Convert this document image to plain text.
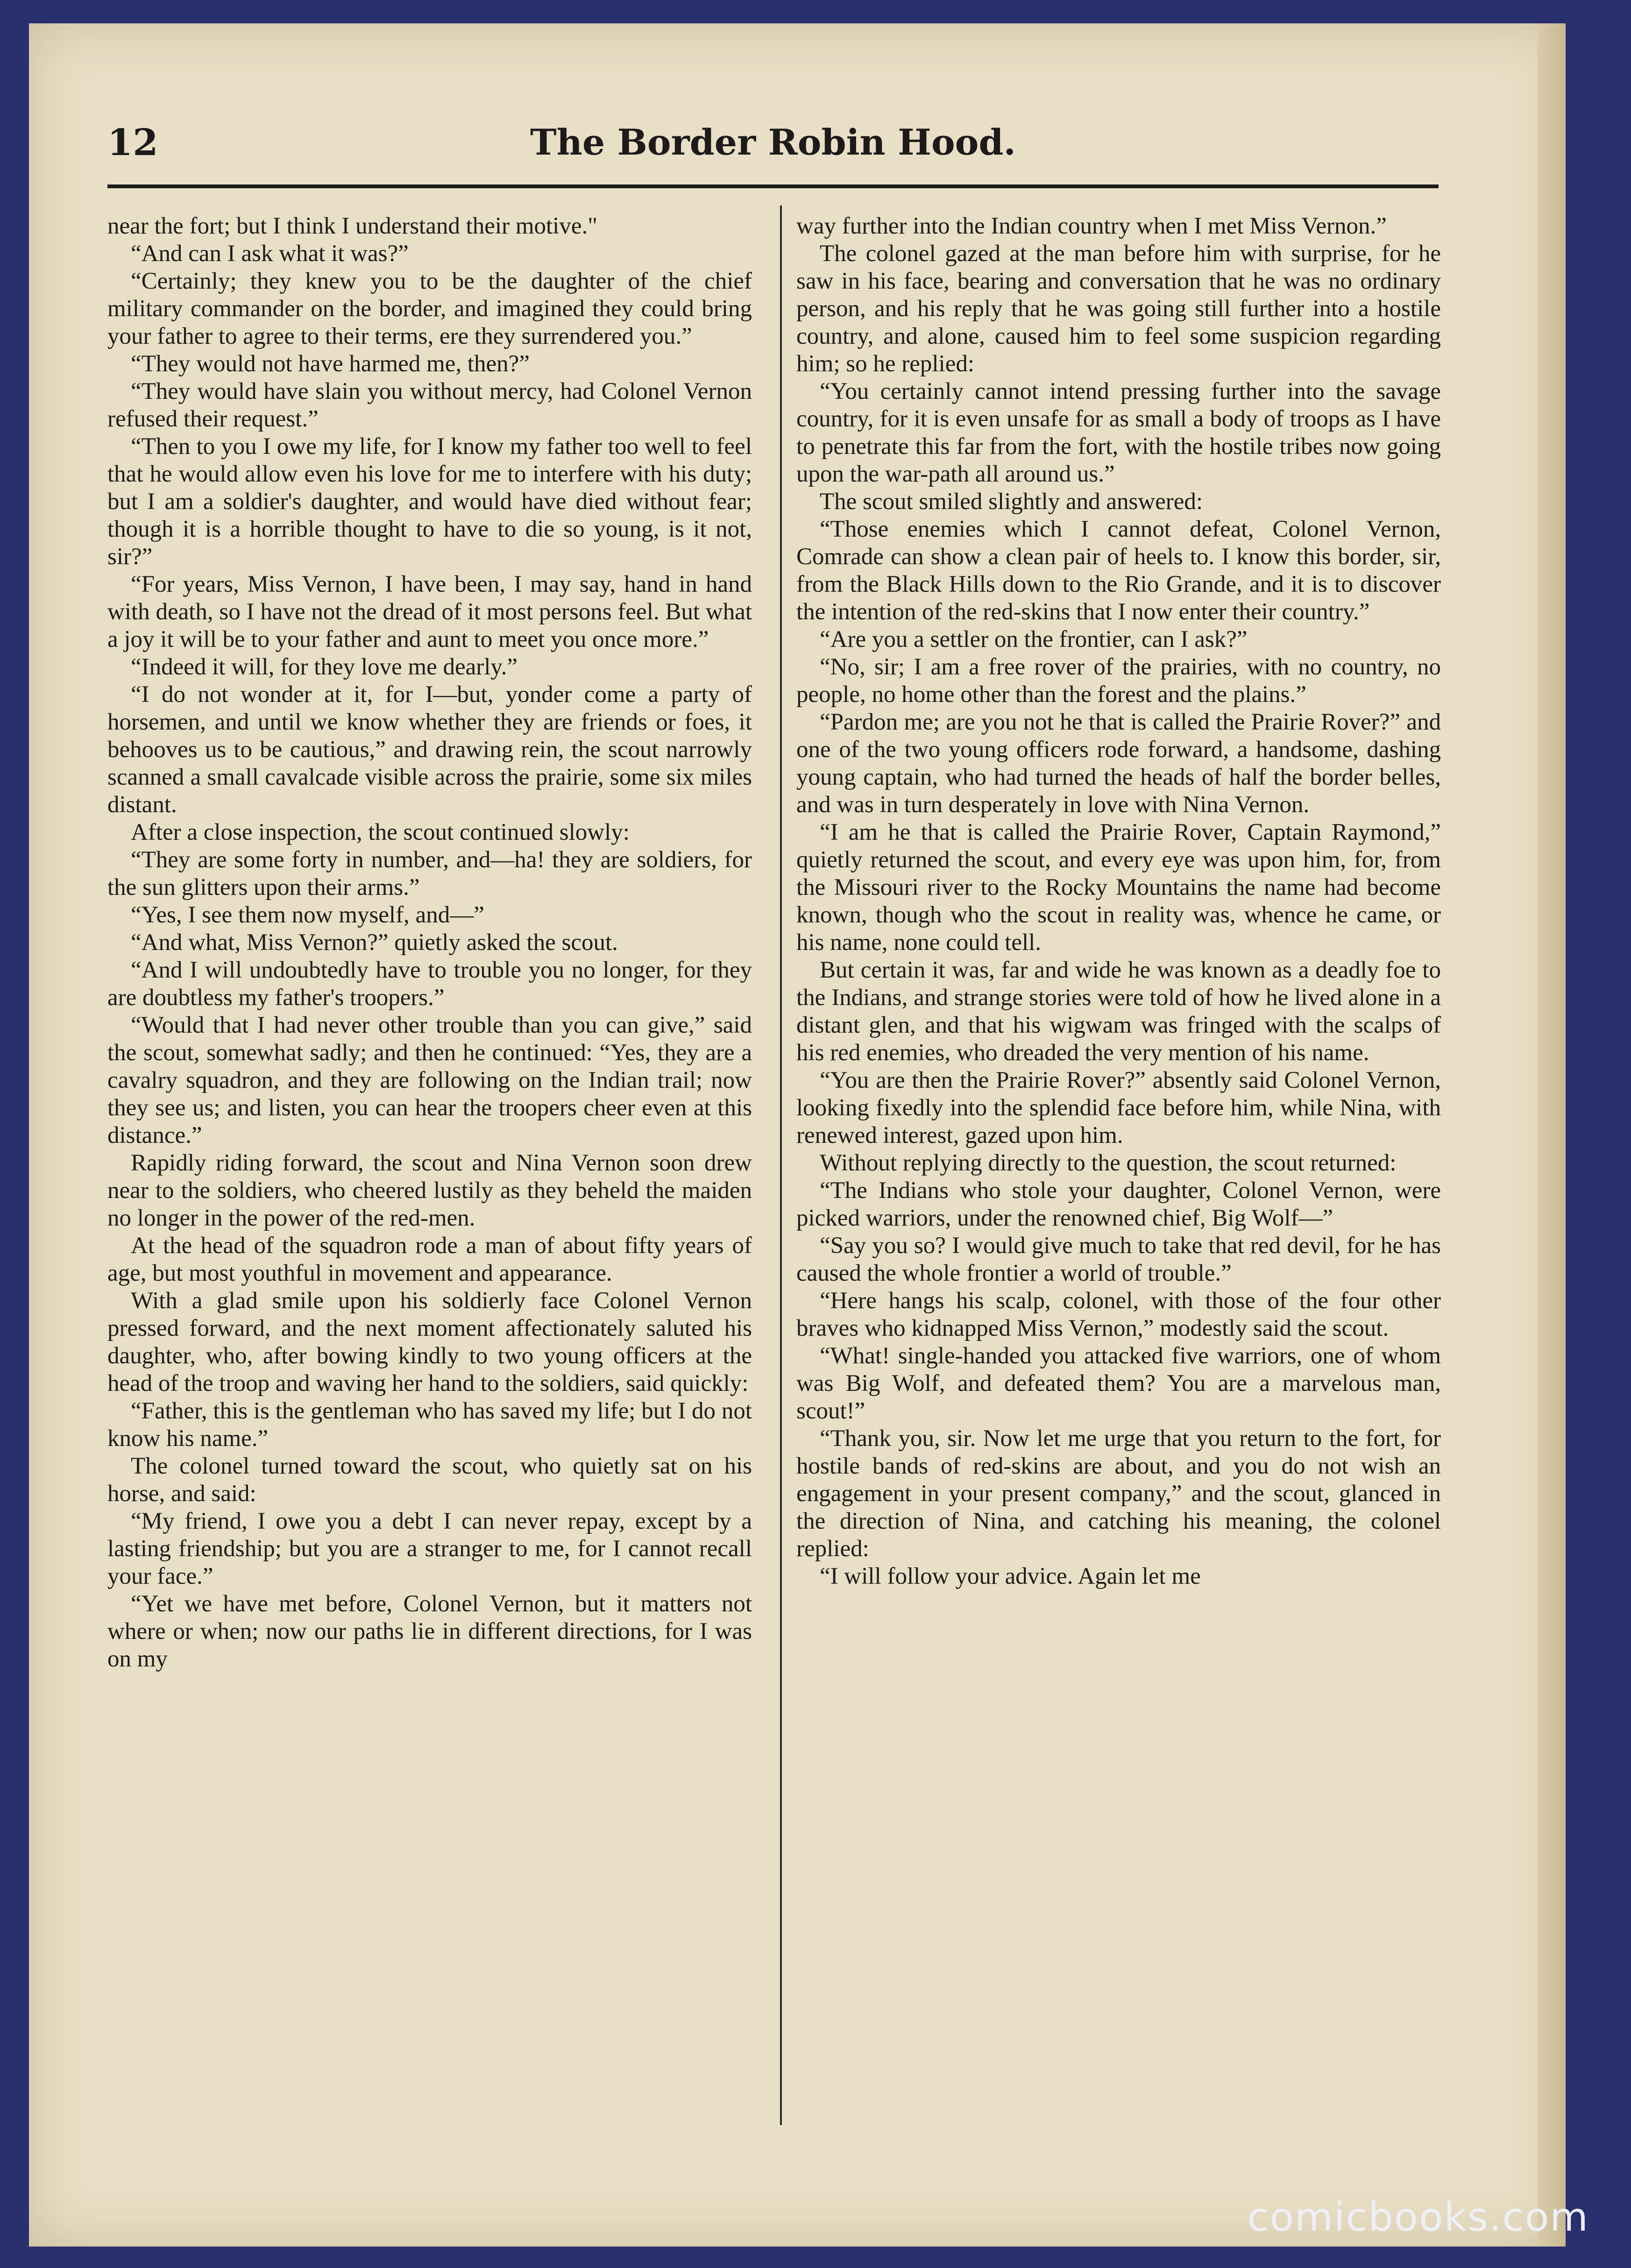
12	The Border Robin Hood.

near the fort; but I think I understand their motive."

“And can I ask what it was?”

“Certainly; they knew you to be the daughter of the chief military commander on the border, and imagined they could bring your father to agree to their terms, ere they surrendered you.”

“They would not have harmed me, then?”

“They would have slain you without mercy, had Colonel Vernon refused their request.”

“Then to you I owe my life, for I know my father too well to feel that he would allow even his love for me to interfere with his duty; but I am a soldier's daughter, and would have died without fear; though it is a horrible thought to have to die so young, is it not, sir?”

“For years, Miss Vernon, I have been, I may say, hand in hand with death, so I have not the dread of it most persons feel. But what a joy it will be to your father and aunt to meet you once more.”

“Indeed it will, for they love me dearly.”

“I do not wonder at it, for I—but, yonder come a party of horsemen, and until we know whether they are friends or foes, it behooves us to be cautious,” and drawing rein, the scout narrowly scanned a small cavalcade visible across the prairie, some six miles distant.

After a close inspection, the scout continued slowly:

“They are some forty in number, and—ha! they are soldiers, for the sun glitters upon their arms.”

“Yes, I see them now myself, and—”

“And what, Miss Vernon?” quietly asked the scout.

“And I will undoubtedly have to trouble you no longer, for they are doubtless my father's troopers.”

“Would that I had never other trouble than you can give,” said the scout, somewhat sadly; and then he continued: “Yes, they are a cavalry squadron, and they are following on the Indian trail; now they see us; and listen, you can hear the troopers cheer even at this distance.”

Rapidly riding forward, the scout and Nina Vernon soon drew near to the soldiers, who cheered lustily as they beheld the maiden no longer in the power of the red-men.

At the head of the squadron rode a man of about fifty years of age, but most youthful in movement and appearance.

With a glad smile upon his soldierly face Colonel Vernon pressed forward, and the next moment affectionately saluted his daughter, who, after bowing kindly to two young officers at the head of the troop and waving her hand to the soldiers, said quickly:

“Father, this is the gentleman who has saved my life; but I do not know his name.”

The colonel turned toward the scout, who quietly sat on his horse, and said:

“My friend, I owe you a debt I can never repay, except by a lasting friendship; but you are a stranger to me, for I cannot recall your face.”

“Yet we have met before, Colonel Vernon, but it matters not where or when; now our paths lie in different directions, for I was on my

way further into the Indian country when I met Miss Vernon.”

The colonel gazed at the man before him with surprise, for he saw in his face, bearing and conversation that he was no ordinary person, and his reply that he was going still further into a hostile country, and alone, caused him to feel some suspicion regarding him; so he replied:

“You certainly cannot intend pressing further into the savage country, for it is even unsafe for as small a body of troops as I have to penetrate this far from the fort, with the hostile tribes now going upon the war-path all around us.”

The scout smiled slightly and answered:

“Those enemies which I cannot defeat, Colonel Vernon, Comrade can show a clean pair of heels to. I know this border, sir, from the Black Hills down to the Rio Grande, and it is to discover the intention of the red-skins that I now enter their country.”

“Are you a settler on the frontier, can I ask?”

“No, sir; I am a free rover of the prairies, with no country, no people, no home other than the forest and the plains.”

“Pardon me; are you not he that is called the Prairie Rover?” and one of the two young officers rode forward, a handsome, dashing young captain, who had turned the heads of half the border belles, and was in turn desperately in love with Nina Vernon.

“I am he that is called the Prairie Rover, Captain Raymond,” quietly returned the scout, and every eye was upon him, for, from the Missouri river to the Rocky Mountains the name had become known, though who the scout in reality was, whence he came, or his name, none could tell.

But certain it was, far and wide he was known as a deadly foe to the Indians, and strange stories were told of how he lived alone in a distant glen, and that his wigwam was fringed with the scalps of his red enemies, who dreaded the very mention of his name.

“You are then the Prairie Rover?” absently said Colonel Vernon, looking fixedly into the splendid face before him, while Nina, with renewed interest, gazed upon him.

Without replying directly to the question, the scout returned:

“The Indians who stole your daughter, Colonel Vernon, were picked warriors, under the renowned chief, Big Wolf—”

“Say you so? I would give much to take that red devil, for he has caused the whole frontier a world of trouble.”

“Here hangs his scalp, colonel, with those of the four other braves who kidnapped Miss Vernon,” modestly said the scout.

“What! single-handed you attacked five warriors, one of whom was Big Wolf, and defeated them? You are a marvelous man, scout!”

“Thank you, sir. Now let me urge that you return to the fort, for hostile bands of red-skins are about, and you do not wish an engagement in your present company,” and the scout, glanced in the direction of Nina, and catching his meaning, the colonel replied:

“I will follow your advice. Again let me

comicbooks.com
